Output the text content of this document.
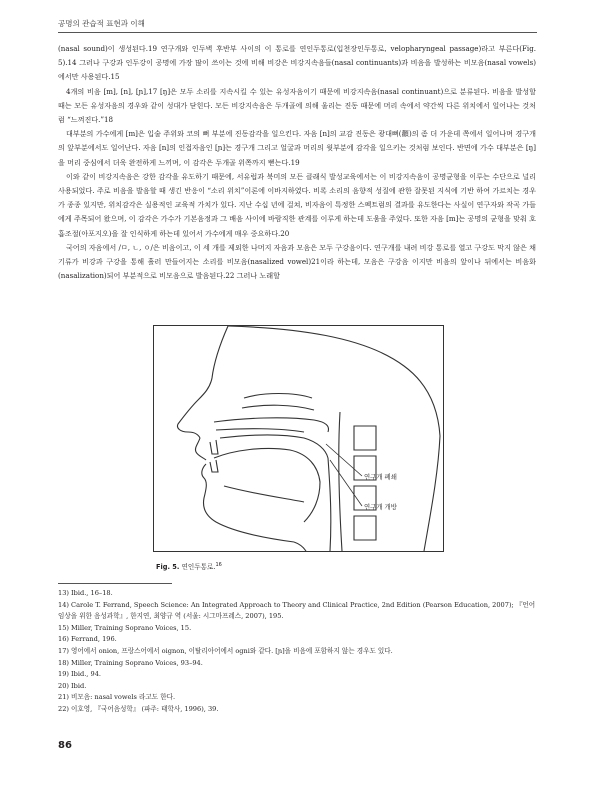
공명의 관습적 표현과 이해

(nasal sound)이 생성된다.19 연구개와 인두벽 후반부 사이의 이 통로를 연인두통로(입천장인두통로, velopharyngeal passage)라고 부른다(Fig. 5).14 그러나 구강과 인두강이 공명에 가장 많이 쓰이는 것에 비해 비강은 비강지속음들(nasal continuants)과 비음을 발성하는 비모음(nasal vowels)에서만 사용된다.15

4개의 비음 [m], [n], [ɲ],17 [ŋ]은 모두 소리를 지속시킬 수 있는 유성자음이기 때문에 비강지속음(nasal continuant)으로 분류된다. 비음을 발성할 때는 모든 유성자음의 경우와 같이 성대가 닫힌다. 모든 비강지속음은 두개골에 의해 울리는 진동 때문에 머리 속에서 약간씩 다른 위치에서 일어나는 것처럼 “느껴진다.”18

대부분의 가수에게 [m]은 입술 주위와 코의 뼈 부분에 진동감각을 일으킨다. 자음 [n]의 교감 진동은 광대뼈(顴)의 좀 더 가운데 쪽에서 일어나며 경구개의 앞부분에서도 일어난다. 자음 [n]의 인접자음인 [ɲ]는 경구개 그리고 얼굴과 머리의 윗부분에 감각을 일으키는 것처럼 보인다. 반면에 가수 대부분은 [ŋ]을 머리 중심에서 더욱 완전하게 느끼며, 이 감각은 두개골 위쪽까지 뻗는다.19

이와 같이 비강지속음은 강한 감각을 유도하기 때문에, 서유럽과 북미의 모든 클래식 발성교육에서는 이 비강지속음이 공명균형을 이루는 수단으로 널리 사용되었다. 주로 비음을 발음할 때 생긴 반응이 “소리 위치”이론에 이바지하였다. 비록 소리의 음향적 성질에 관한 잘못된 지식에 기반 하여 가르치는 경우가 종종 있지만, 위치감각은 실용적인 교육적 가치가 있다. 지난 수십 년에 걸쳐, 비자음이 특정한 스펙트럼의 결과를 유도한다는 사실이 연구자와 작곡 가들에게 주목되어 왔으며, 이 감각은 가수가 기본음정과 그 배음 사이에 바람직한 관계를 이루게 하는데 도움을 주었다. 또한 자음 [m]는 공명의 균형을 맞춰 호흡조절(아포지오)을 잘 인식하게 하는데 있어서 가수에게 매우 중요하다.20

국어의 자음에서 /ㅁ, ㄴ, ㅇ/은 비음이고, 이 세 개를 제외한 나머지 자음과 모음은 모두 구강음이다. 연구개를 내려 비강 통로를 열고 구강도 막지 않은 채 기류가 비강과 구강을 통해 흘러 만들어지는 소리를 비모음(nasalized vowel)21이라 하는데, 모음은 구강음 이지만 비음의 앞이나 뒤에서는 비음화(nasalization)되어 부분적으로 비모음으로 발음된다.22 그러나 노래할

연구개 폐쇄
연구개 개방
Fig. 5. 연인두통로.$^{16}$
13) Ibid., 16–18.
14) Carole T. Ferrand, Speech Science: An Integrated Approach to Theory and Clinical Practice, 2nd Edition (Pearson Education, 2007); 『언어임상을 위한 음성과학』, 한지연, 최양규 역 (서울: 시그마프레스, 2007), 195.
15) Miller, Training Soprano Voices, 15.
16) Ferrand, 196.
17) 영어에서 onion, 프랑스어에서 oignon, 이탈리아어에서 ogni와 같다. [ɲ]을 비음에 포함하지 않는 경우도 있다.
18) Miller, Training Soprano Voices, 93–94.
19) Ibid., 94.
20) Ibid.
21) 비모음: nasal vowels 라고도 한다.
22) 이호영, 『국어음성학』 (파주: 태학사, 1996), 39.
86
